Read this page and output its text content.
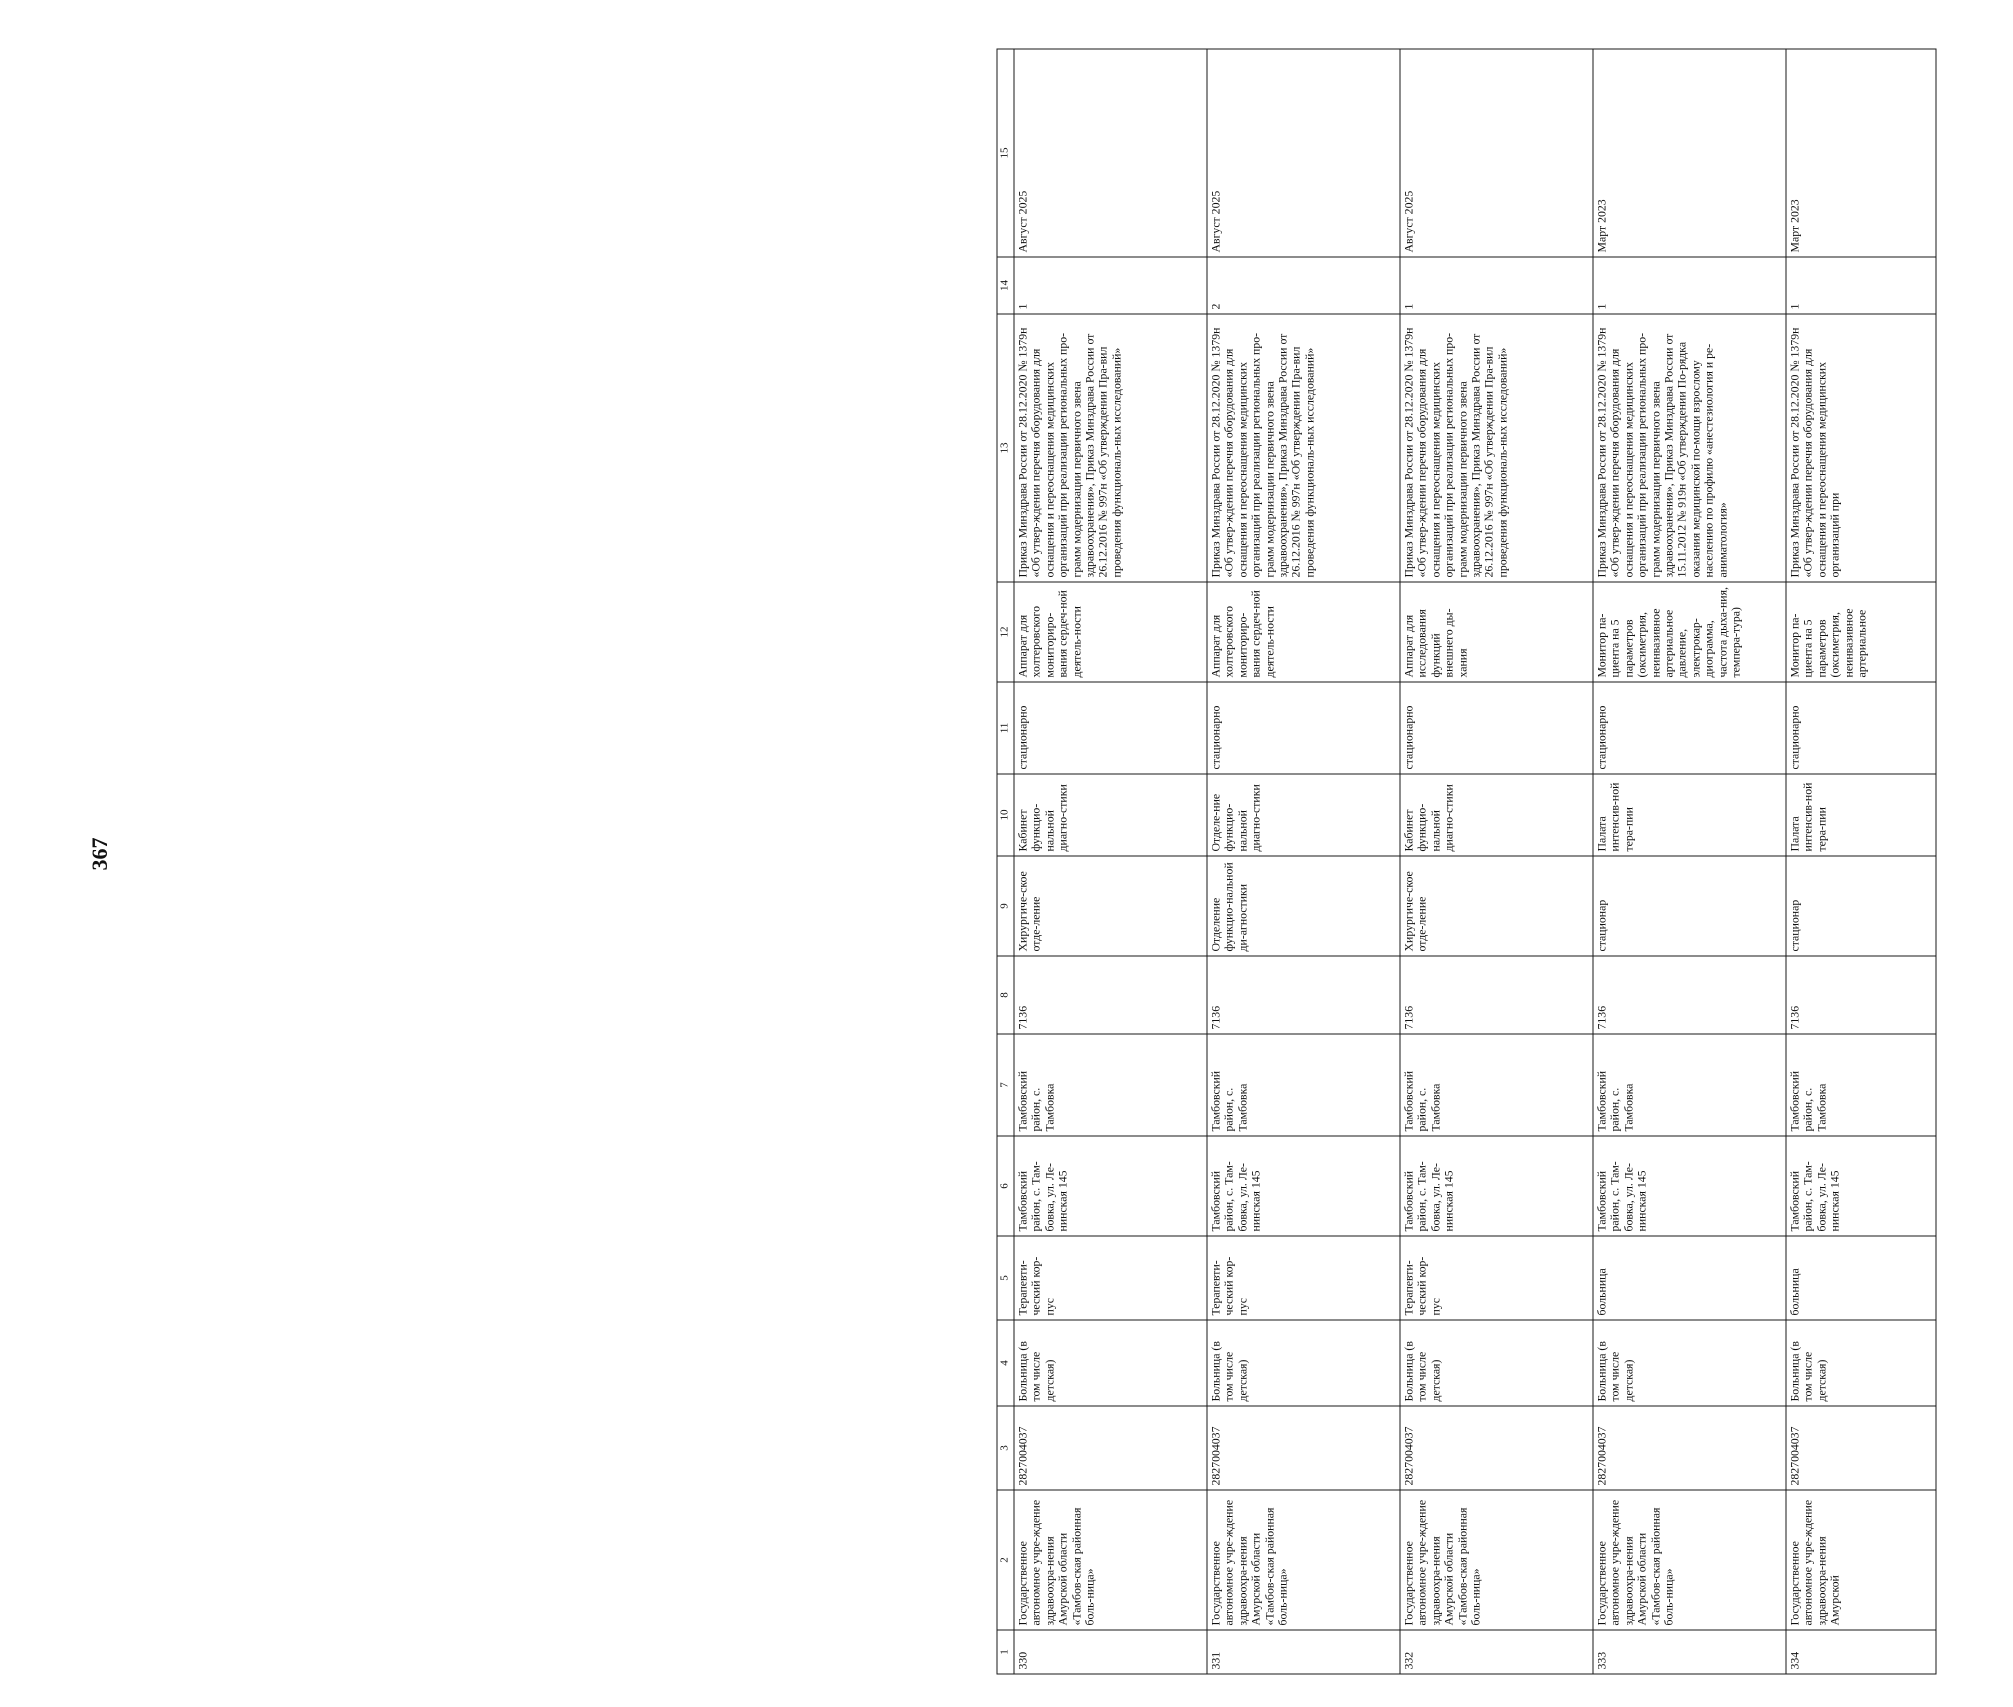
367
1	2	3	4	5	6	7	8	9	10	11	12	13	14	15
330	Государственное автономное учре-ждение здравоохра-нения Амурской области «Тамбов-ская районная боль-ница»	2827004037	Больница (в том числе детская)	Терапевти-ческий кор-пус	Тамбовский район, с. Там-бовка, ул. Ле-нинская 145	Тамбовский район, с. Тамбовка	7136	Хирургиче-ское отде-ление	Кабинет функцио-нальной диагно-стики	стационарно	Аппарат для холтеровского мониториро-вания сердеч-ной деятель-ности	Приказ Минздрава России от 28.12.2020 № 1379н «Об утвер-ждении перечня оборудования для оснащения и переоснащения медицинских организаций при реализации региональных про-грамм модернизации первичного звена здравоохранения», Приказ Минздрава России от 26.12.2016 № 997н «Об утверждении Пра-вил проведения функциональ-ных исследований»	1	Август 2025
331	Государственное автономное учре-ждение здравоохра-нения Амурской области «Тамбов-ская районная боль-ница»	2827004037	Больница (в том числе детская)	Терапевти-ческий кор-пус	Тамбовский район, с. Там-бовка, ул. Ле-нинская 145	Тамбовский район, с. Тамбовка	7136	Отделение функцио-нальной ди-агностики	Отделе-ние функцио-нальной диагно-стики	стационарно	Аппарат для холтеровского мониториро-вания сердеч-ной деятель-ности	Приказ Минздрава России от 28.12.2020 № 1379н «Об утвер-ждении перечня оборудования для оснащения и переоснащения медицинских организаций при реализации региональных про-грамм модернизации первичного звена здравоохранения», Приказ Минздрава России от 26.12.2016 № 997н «Об утверждении Пра-вил проведения функциональ-ных исследований»	2	Август 2025
332	Государственное автономное учре-ждение здравоохра-нения Амурской области «Тамбов-ская районная боль-ница»	2827004037	Больница (в том числе детская)	Терапевти-ческий кор-пус	Тамбовский район, с. Там-бовка, ул. Ле-нинская 145	Тамбовский район, с. Тамбовка	7136	Хирургиче-ское отде-ление	Кабинет функцио-нальной диагно-стики	стационарно	Аппарат для исследования функций внешнего ды-хания	Приказ Минздрава России от 28.12.2020 № 1379н «Об утвер-ждении перечня оборудования для оснащения и переоснащения медицинских организаций при реализации региональных про-грамм модернизации первичного звена здравоохранения», Приказ Минздрава России от 26.12.2016 № 997н «Об утверждении Пра-вил проведения функциональ-ных исследований»	1	Август 2025
333	Государственное автономное учре-ждение здравоохра-нения Амурской области «Тамбов-ская районная боль-ница»	2827004037	Больница (в том числе детская)	больница	Тамбовский район, с. Там-бовка, ул. Ле-нинская 145	Тамбовский район, с. Тамбовка	7136	стационар	Палата интенсив-ной тера-пии	стационарно	Монитор па-циента на 5 параметров (оксиметрия, неинвазивное артериальное давление, электрокар-диограмма, частота дыха-ния, темпера-тура)	Приказ Минздрава России от 28.12.2020 № 1379н «Об утвер-ждении перечня оборудования для оснащения и переоснащения медицинских организаций при реализации региональных про-грамм модернизации первичного звена здравоохранения», Приказ Минздрава России от 15.11.2012 № 919н «Об утверждении По-рядка оказания медицинской по-мощи взрослому населению по профилю «анестезиология и ре-аниматология»	1	Март 2023
334	Государственное автономное учре-ждение здравоохра-нения Амурской	2827004037	Больница (в том числе детская)	больница	Тамбовский район, с. Там-бовка, ул. Ле-нинская 145	Тамбовский район, с. Тамбовка	7136	стационар	Палата интенсив-ной тера-пии	стационарно	Монитор па-циента на 5 параметров (оксиметрия, неинвазивное артериальное	Приказ Минздрава России от 28.12.2020 № 1379н «Об утвер-ждении перечня оборудования для оснащения и переоснащения медицинских организаций при	1	Март 2023
